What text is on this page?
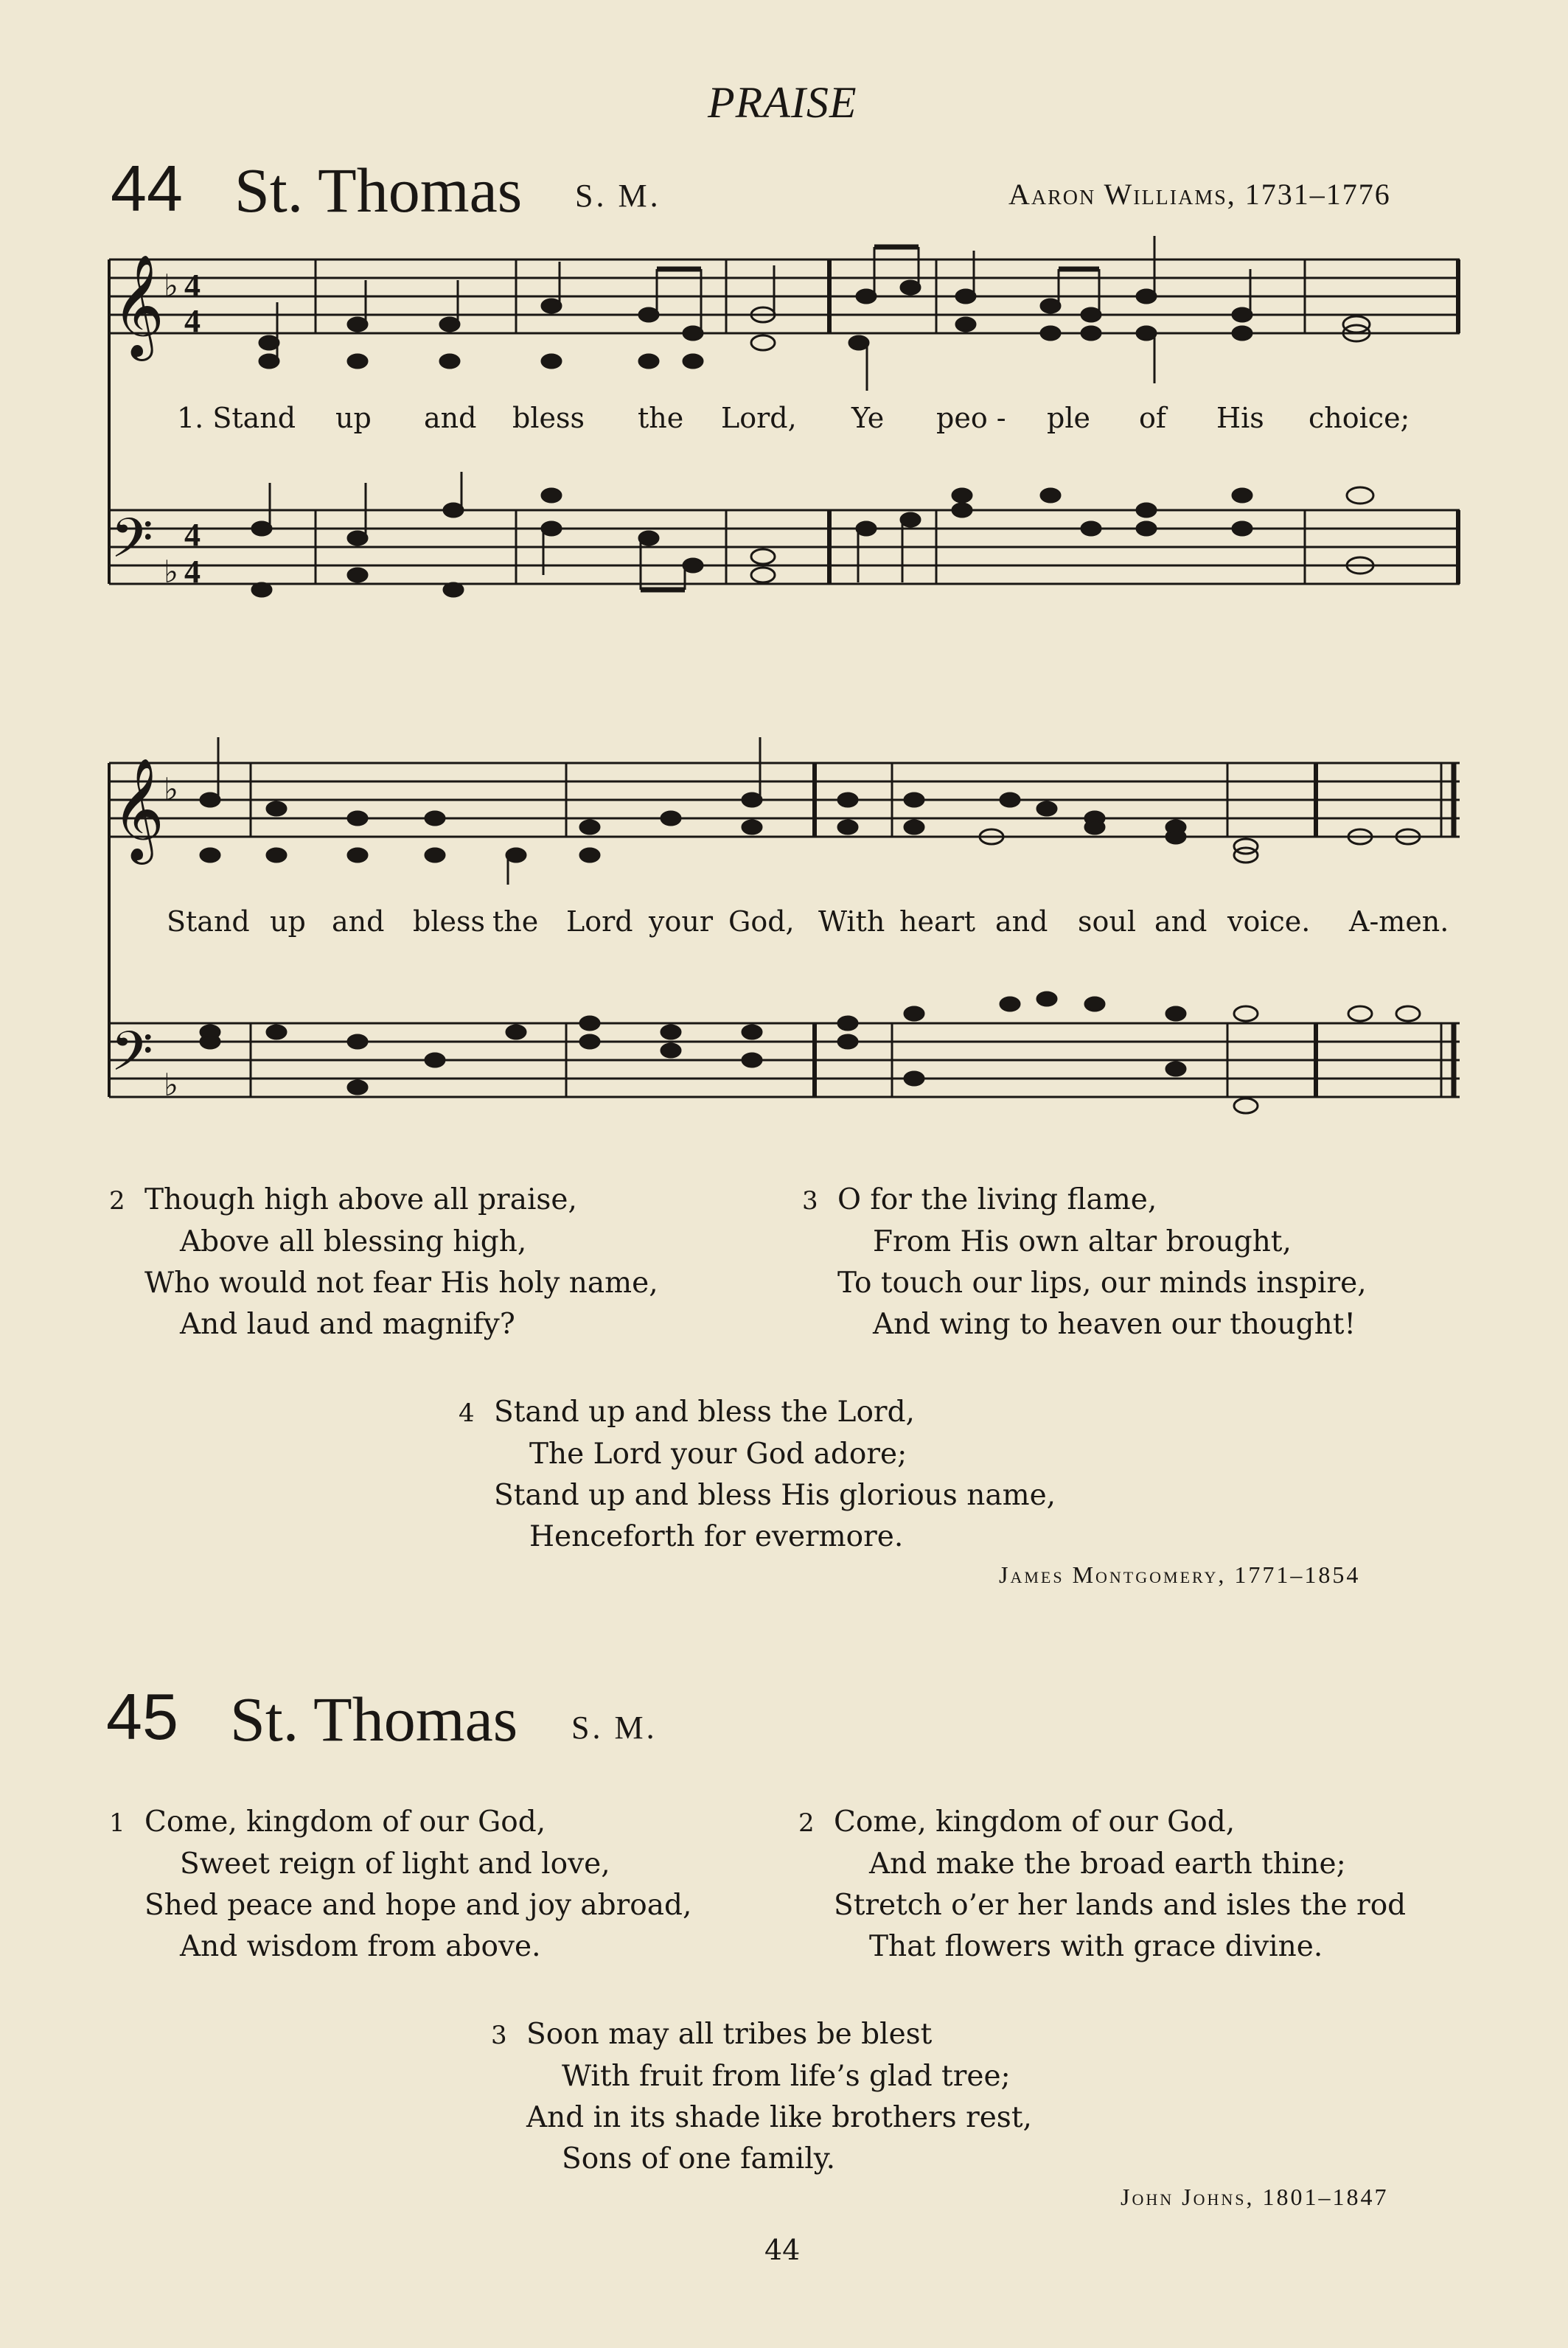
PRAISE
44 St. Thomas S. M.	Aaron Williams, 1731–1776
𝄞 ♭ 4
4
𝄢 ♭
4
4
1. Stand up and bless the Lord, Ye peo - ple of His choice;
𝄞 ♭
𝄢 ♭
Stand up and bless the Lord your God, With heart and soul and voice. A-men.
2 Though high above all praise,
Above all blessing high,
Who would not fear His holy name,
And laud and magnify?
3 O for the living flame,
From His own altar brought,
To touch our lips, our minds inspire,
And wing to heaven our thought!
4 Stand up and bless the Lord,
The Lord your God adore;
Stand up and bless His glorious name,
Henceforth for evermore.
James Montgomery, 1771–1854
45 St. Thomas S. M.
1 Come, kingdom of our God,
Sweet reign of light and love,
Shed peace and hope and joy abroad,
And wisdom from above.
2 Come, kingdom of our God,
And make the broad earth thine;
Stretch o’er her lands and isles the rod
That flowers with grace divine.
3 Soon may all tribes be blest
With fruit from life’s glad tree;
And in its shade like brothers rest,
Sons of one family.
John Johns, 1801–1847
44
